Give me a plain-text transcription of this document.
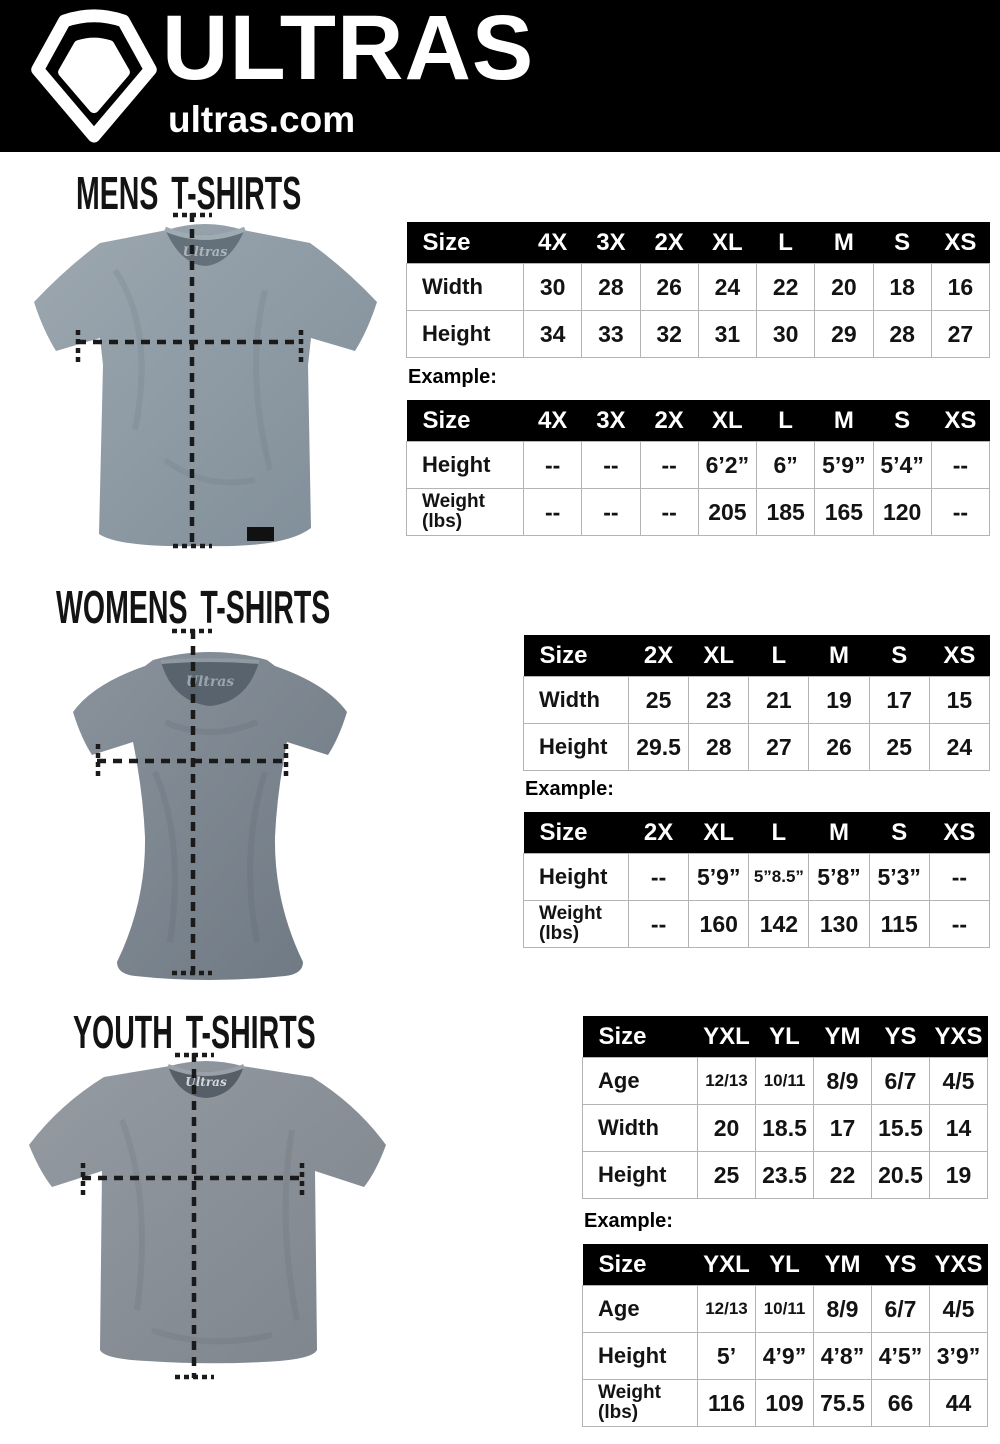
ULTRAS
ultras.com
MENS T-SHIRTS
Ultras	Size	4X	3X	2X	XL	L	M	S	XS

Width	30	28	26	24	22	20	18	16

Height	34	33	32	31	30	29	28	27
Example:
Size	4X	3X	2X	XL	L	M	S	XS

Height	--	--	--	6’2”	6”	5’9”	5’4”	--

Weight
(lbs)	--	--	--	205	185	165	120	--
WOMENS T-SHIRTS
Ultras
Size	2X	XL	L	M	S	XS

Width	25	23	21	19	17	15

Height	29.5	28	27	26	25	24
Example:
Size	2X	XL	L	M	S	XS

Height	--	5’9”	5”8.5”	5’8”	5’3”	--

Weight
(lbs)	--	160	142	130	115	--
YOUTH T-SHIRTS
Ultras
Size	YXL	YL	YM	YS	YXS

Age	12/13	10/11	8/9	6/7	4/5

Width	20	18.5	17	15.5	14

Height	25	23.5	22	20.5	19
Example:
Size	YXL	YL	YM	YS	YXS

Age	12/13	10/11	8/9	6/7	4/5

Height	5’	4’9”	4’8”	4’5”	3’9”

Weight
(lbs)	116	109	75.5	66	44
